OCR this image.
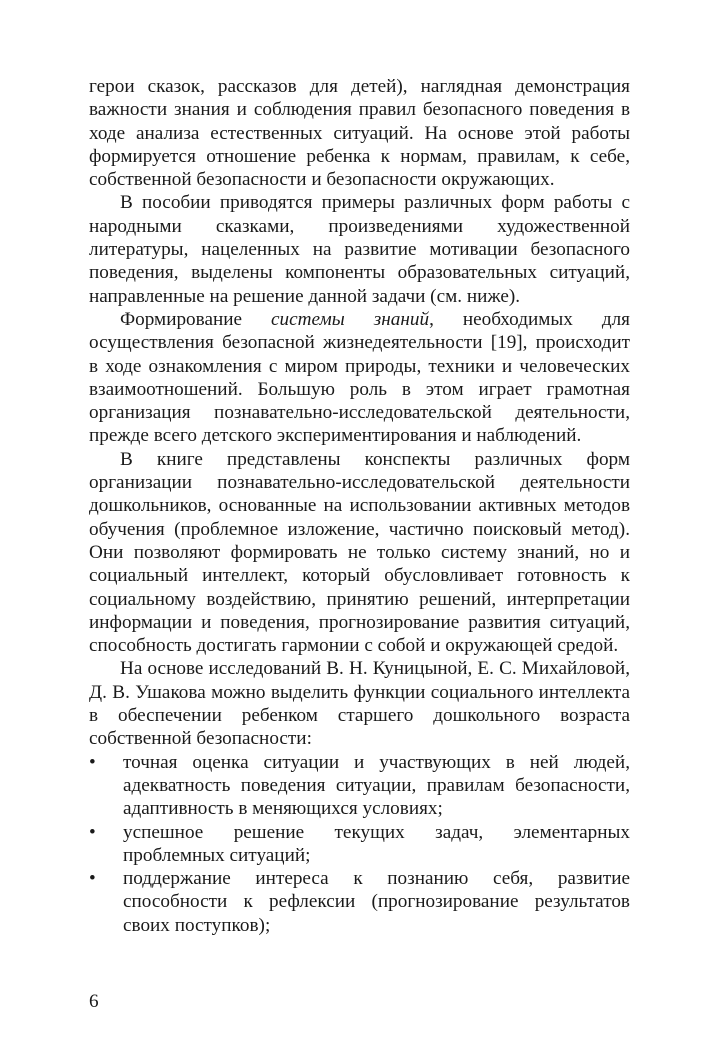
герои сказок, рассказов для детей), наглядная демонстрация важности знания и соблюдения правил безопасного поведения в ходе анализа естественных ситуаций. На основе этой работы формируется отношение ребенка к нормам, правилам, к себе, собственной безопасности и безопасности окружающих.

В пособии приводятся примеры различных форм работы с народными сказками, произведениями художественной литературы, нацеленных на развитие мотивации безопасного поведения, выделены компоненты образовательных ситуаций, направленные на решение данной задачи (см. ниже).

Формирование системы знаний, необходимых для осуществления безопасной жизнедеятельности [19], происходит в ходе ознакомления с миром природы, техники и человеческих взаимоотношений. Большую роль в этом играет грамотная организация познавательно-исследовательской деятельности, прежде всего детского экспериментирования и наблюдений.

В книге представлены конспекты различных форм организации познавательно-исследовательской деятельности дошкольников, основанные на использовании активных методов обучения (проблемное изложение, частично поисковый метод). Они позволяют формировать не только систему знаний, но и социальный интеллект, который обусловливает готовность к социальному воздействию, принятию решений, интерпретации информации и поведения, прогнозирование развития ситуаций, способность достигать гармонии с собой и окружающей средой.

На основе исследований В. Н. Куницыной, Е. С. Михайловой, Д. В. Ушакова можно выделить функции социального интеллекта в обеспечении ребенком старшего дошкольного возраста собственной безопасности:

•	точная оценка ситуации и участвующих в ней людей, адекватность поведения ситуации, правилам безопасности, адаптивность в меняющихся условиях;
•	успешное решение текущих задач, элементарных проблемных ситуаций;
•	поддержание интереса к познанию себя, развитие способности к рефлексии (прогнозирование результатов своих поступков);
6
